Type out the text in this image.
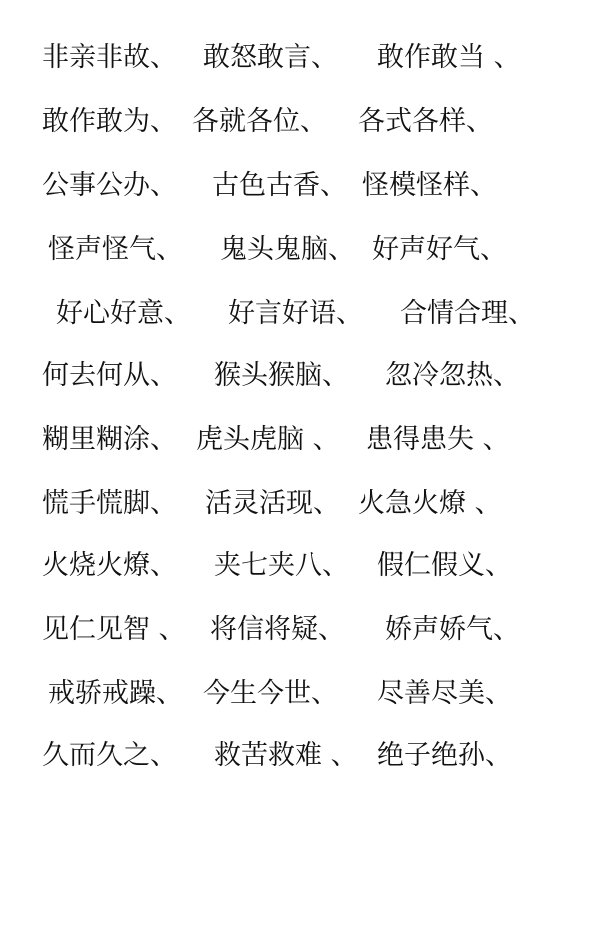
非亲非故、

敢怒敢言、

敢作敢当 、

敢作敢为、

各就各位、

各式各样、

公事公办、

古色古香、

怪模怪样、

怪声怪气、

鬼头鬼脑、

好声好气、

好心好意、

好言好语、

合情合理、

何去何从、

猴头猴脑、

忽冷忽热、

糊里糊涂、

虎头虎脑 、

患得患失 、

慌手慌脚、

活灵活现、

火急火燎 、

火烧火燎、

夹七夹八、

假仁假义、

见仁见智 、

将信将疑、

娇声娇气、

戒骄戒躁、

今生今世、

尽善尽美、

久而久之、

救苦救难 、

绝子绝孙、
